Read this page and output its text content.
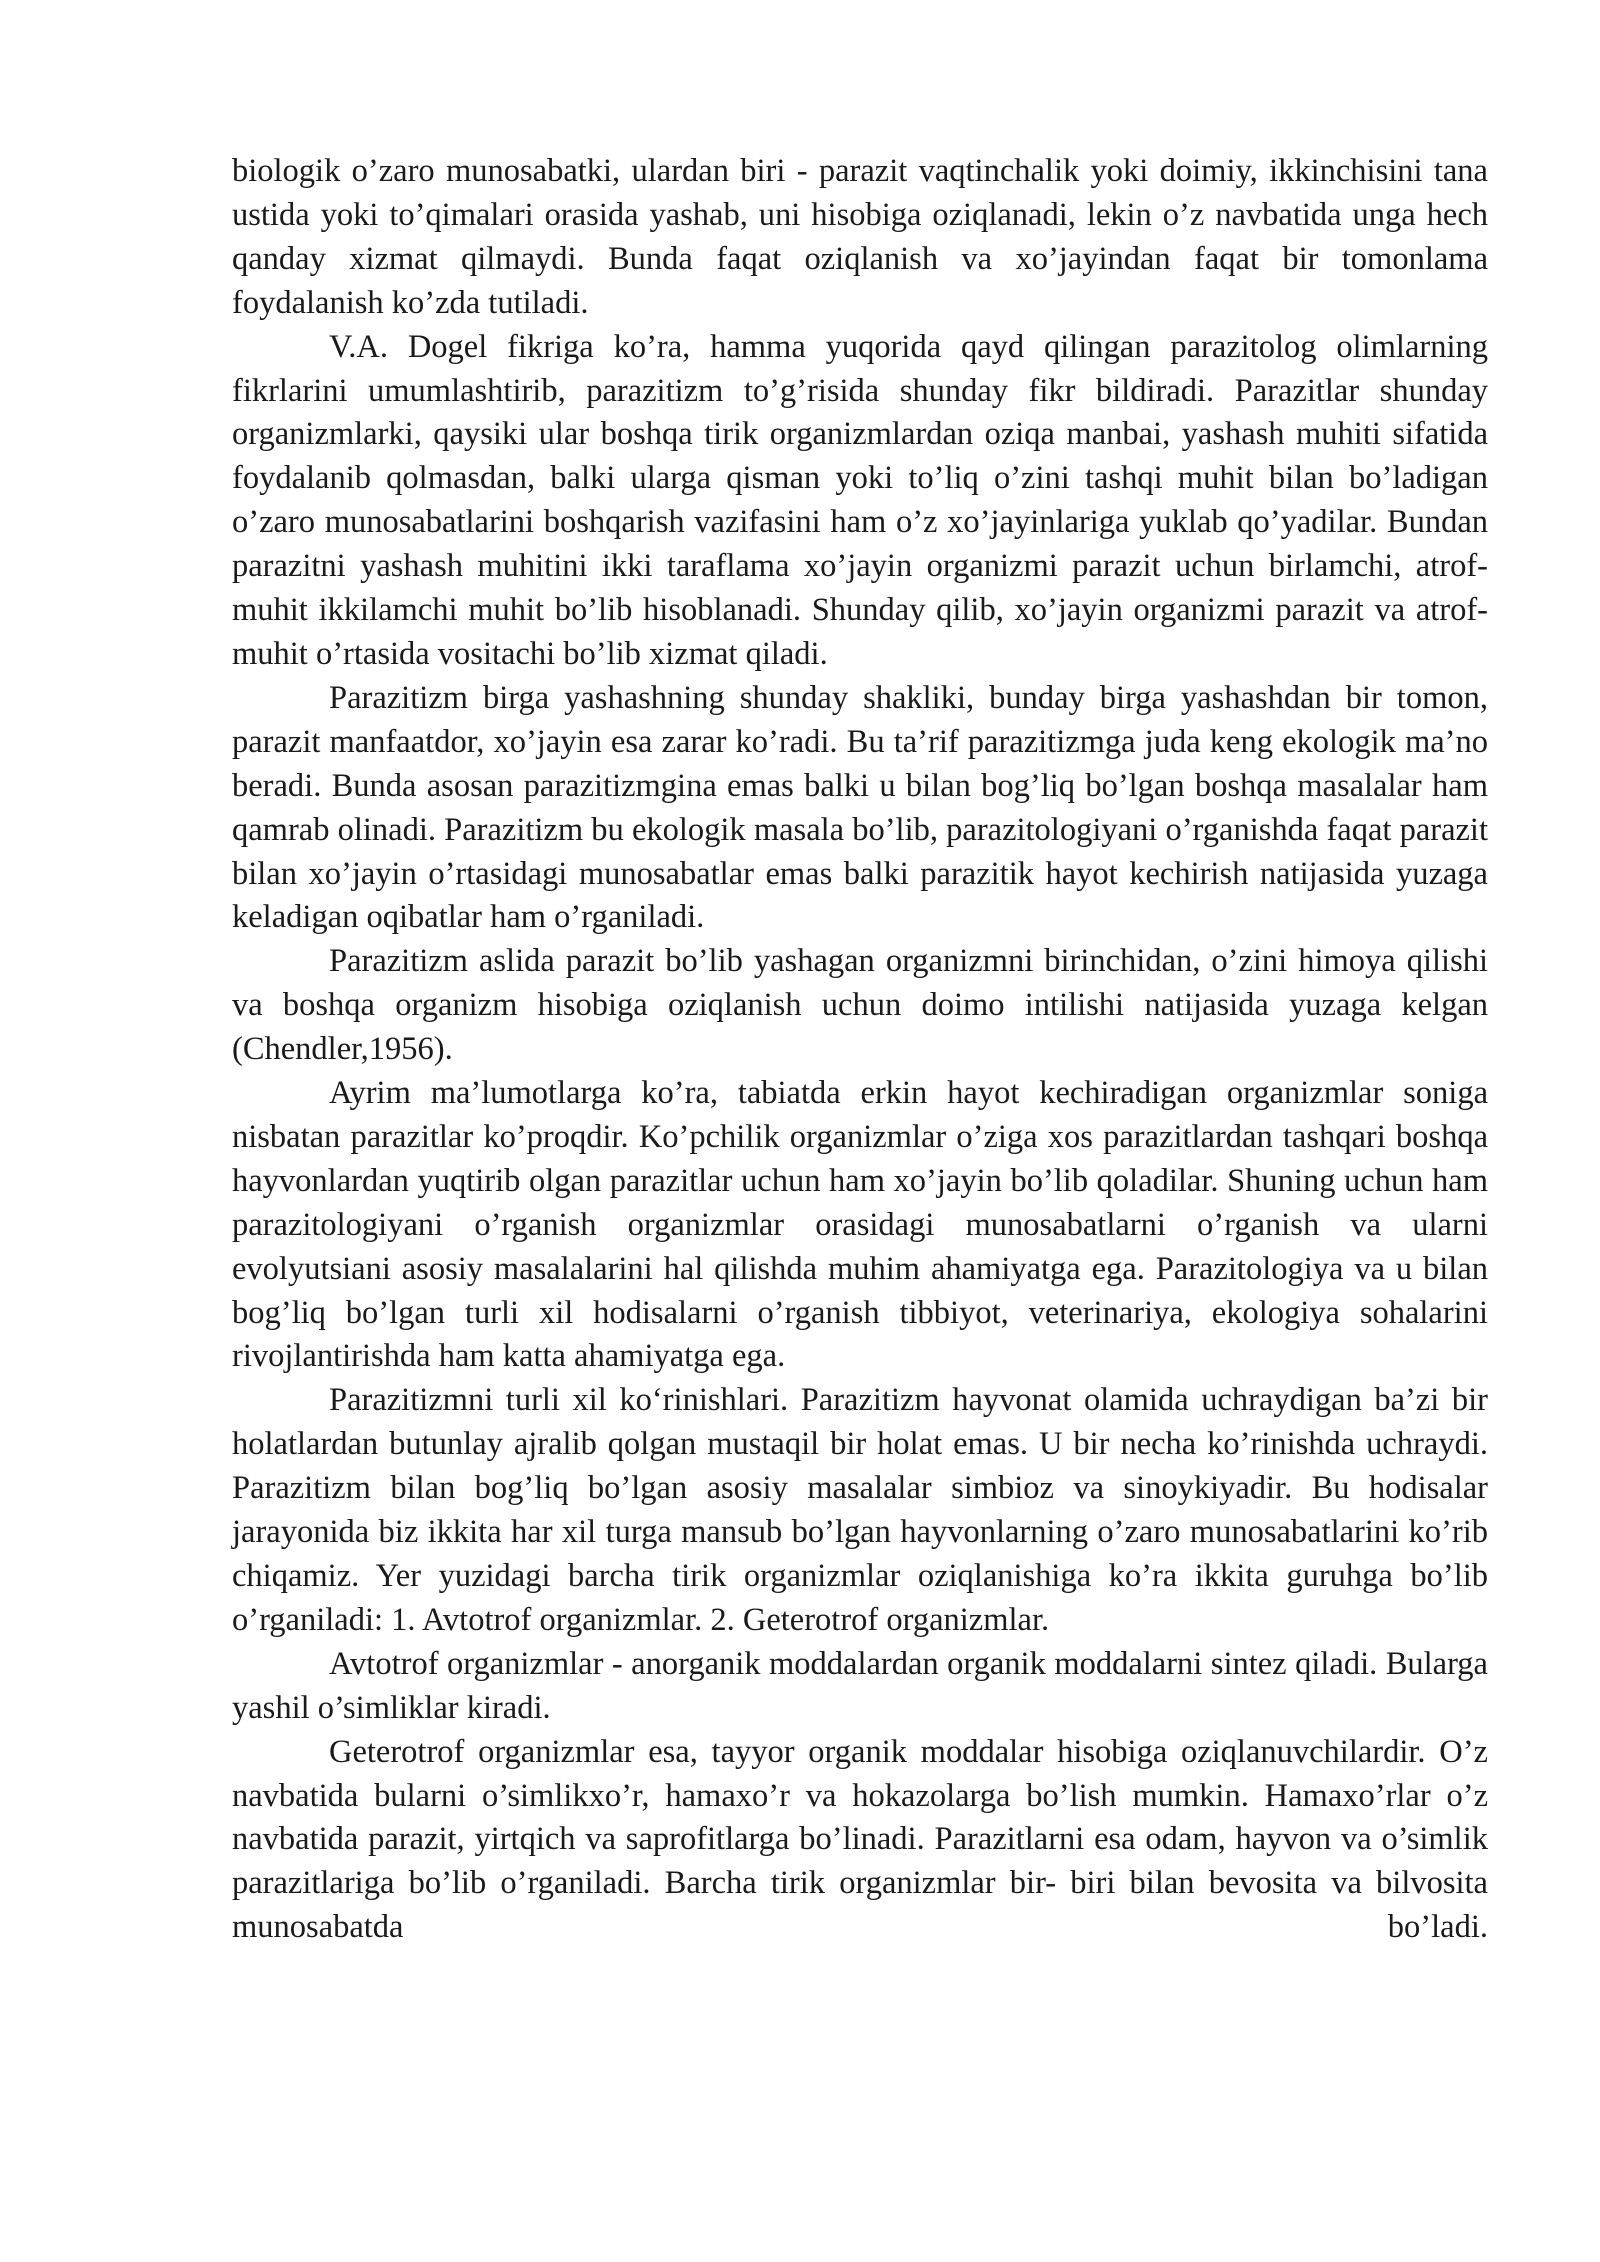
biologik o’zaro munosabatki, ulardan biri - parazit vaqtinchalik yoki doimiy, ikkinchisini tana ustida yoki to’qimalari orasida yashab, uni hisobiga oziqlanadi, lekin o’z navbatida unga hech qanday xizmat qilmaydi. Bunda faqat oziqlanish va xo’jayindan faqat bir tomonlama foydalanish ko’zda tutiladi.

V.A. Dogel fikriga ko’ra, hamma yuqorida qayd qilingan parazitolog olimlarning fikrlarini umumlashtirib, parazitizm to’g’risida shunday fikr bildiradi. Parazitlar shunday organizmlarki, qaysiki ular boshqa tirik organizmlardan oziqa manbai, yashash muhiti sifatida foydalanib qolmasdan, balki ularga qisman yoki to’liq o’zini tashqi muhit bilan bo’ladigan o’zaro munosabatlarini boshqarish vazifasini ham o’z xo’jayinlariga yuklab qo’yadilar. Bundan parazitni yashash muhitini ikki taraflama xo’jayin organizmi parazit uchun birlamchi, atrof-muhit ikkilamchi muhit bo’lib hisoblanadi. Shunday qilib, xo’jayin organizmi parazit va atrof-muhit o’rtasida vositachi bo’lib xizmat qiladi.

Parazitizm birga yashashning shunday shakliki, bunday birga yashashdan bir tomon, parazit manfaatdor, xo’jayin esa zarar ko’radi. Bu ta’rif parazitizmga juda keng ekologik ma’no beradi. Bunda asosan parazitizmgina emas balki u bilan bog’liq bo’lgan boshqa masalalar ham qamrab olinadi. Parazitizm bu ekologik masala bo’lib, parazitologiyani o’rganishda faqat parazit bilan xo’jayin o’rtasidagi munosabatlar emas balki parazitik hayot kechirish natijasida yuzaga keladigan oqibatlar ham o’rganiladi.

Parazitizm aslida parazit bo’lib yashagan organizmni birinchidan, o’zini himoya qilishi va boshqa organizm hisobiga oziqlanish uchun doimo intilishi natijasida yuzaga kelgan (Chendler,1956).

Ayrim ma’lumotlarga ko’ra, tabiatda erkin hayot kechiradigan organizmlar soniga nisbatan parazitlar ko’proqdir. Ko’pchilik organizmlar o’ziga xos parazitlardan tashqari boshqa hayvonlardan yuqtirib olgan parazitlar uchun ham xo’jayin bo’lib qoladilar. Shuning uchun ham parazitologiyani o’rganish organizmlar orasidagi munosabatlarni o’rganish va ularni evolyutsiani asosiy masalalarini hal qilishda muhim ahamiyatga ega. Parazitologiya va u bilan bog’liq bo’lgan turli xil hodisalarni o’rganish tibbiyot, veterinariya, ekologiya sohalarini rivojlantirishda ham katta ahamiyatga ega.

Parazitizmni turli xil ko‘rinishlari. Parazitizm hayvonat olamida uchraydigan ba’zi bir holatlardan butunlay ajralib qolgan mustaqil bir holat emas. U bir necha ko’rinishda uchraydi. Parazitizm bilan bog’liq bo’lgan asosiy masalalar simbioz va sinoykiyadir. Bu hodisalar jarayonida biz ikkita har xil turga mansub bo’lgan hayvonlarning o’zaro munosabatlarini ko’rib chiqamiz. Yer yuzidagi barcha tirik organizmlar oziqlanishiga ko’ra ikkita guruhga bo’lib o’rganiladi: 1. Avtotrof organizmlar. 2. Geterotrof organizmlar.

Avtotrof organizmlar - anorganik moddalardan organik moddalarni sintez qiladi. Bularga yashil o’simliklar kiradi.

Geterotrof organizmlar esa, tayyor organik moddalar hisobiga oziqlanuvchilardir. O’z navbatida bularni o’simlikxo’r, hamaxo’r va hokazolarga bo’lish mumkin. Hamaxo’rlar o’z navbatida parazit, yirtqich va saprofitlarga bo’linadi. Parazitlarni esa odam, hayvon va o’simlik parazitlariga bo’lib o’rganiladi. Barcha tirik organizmlar bir- biri bilan bevosita va bilvosita munosabatda bo’ladi.
